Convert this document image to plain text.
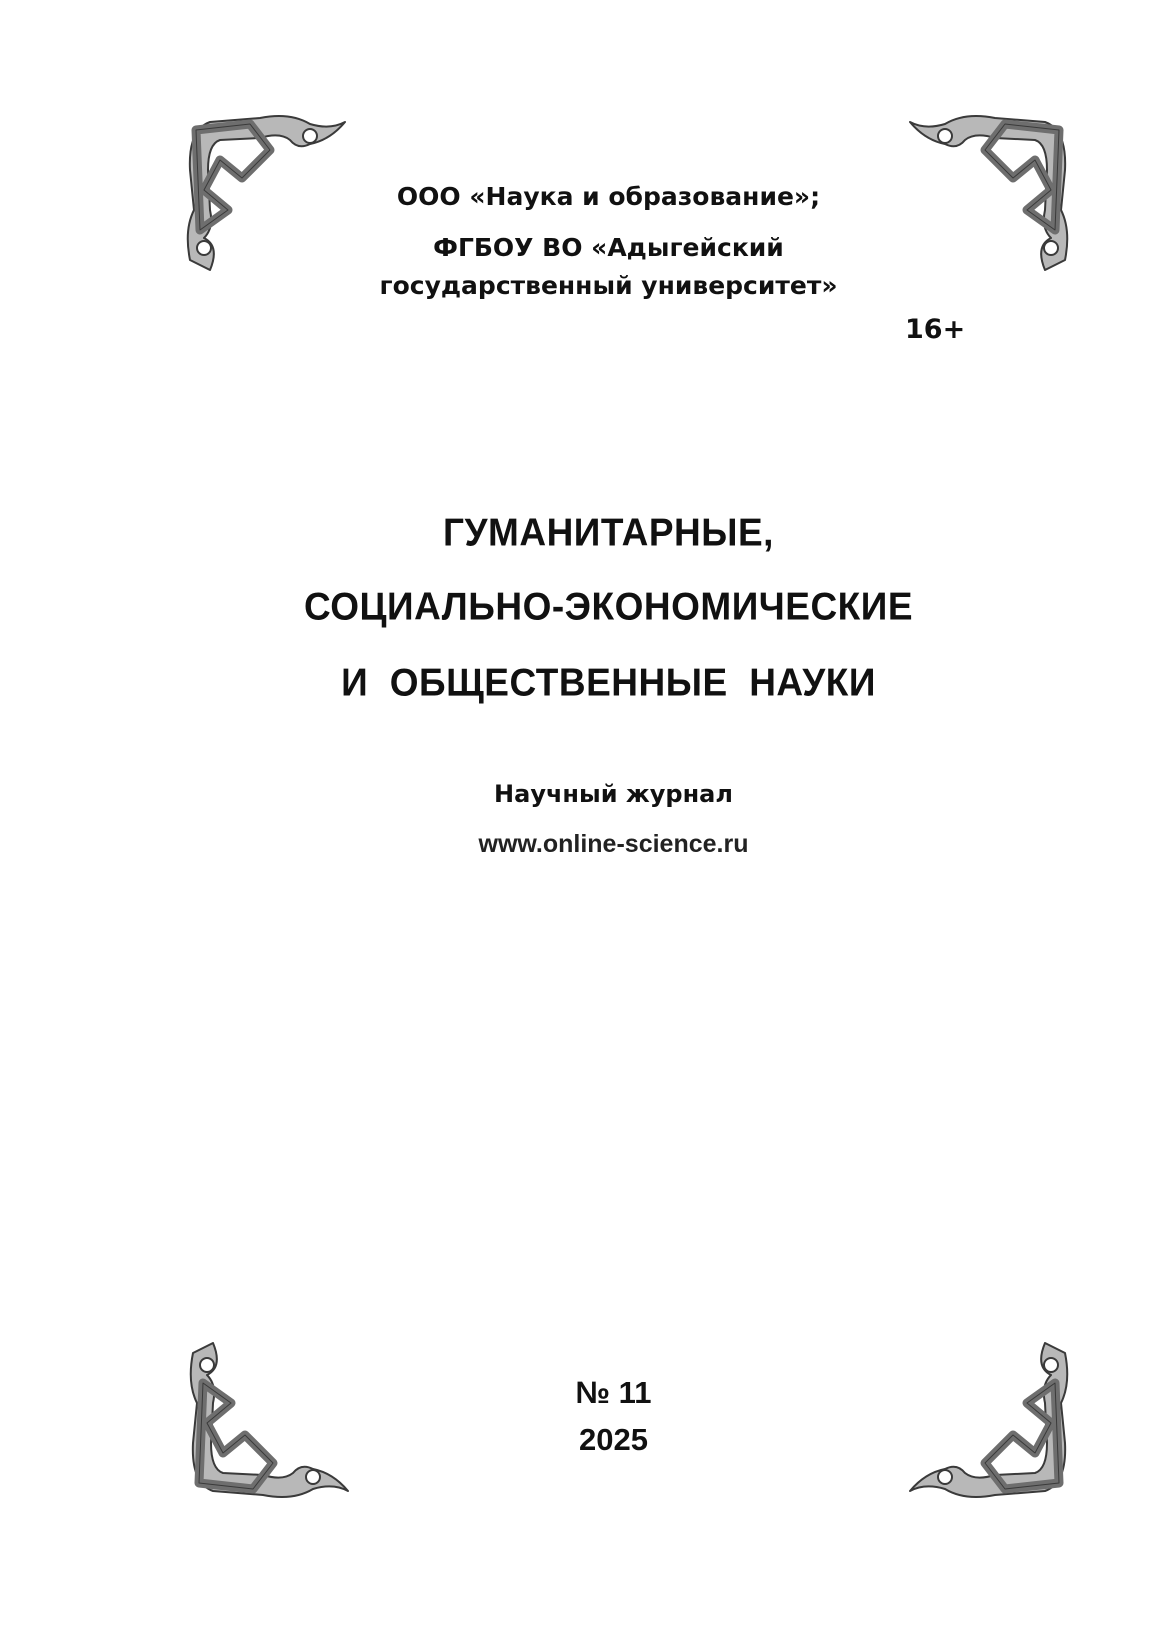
ООО «Наука и образование»;
ФГБОУ ВО «Адыгейский
государственный университет»
16+
ГУМАНИТАРНЫЕ,
СОЦИАЛЬНО-ЭКОНОМИЧЕСКИЕ
И  ОБЩЕСТВЕННЫЕ  НАУКИ
Научный журнал
www.online-science.ru
№ 11
2025
